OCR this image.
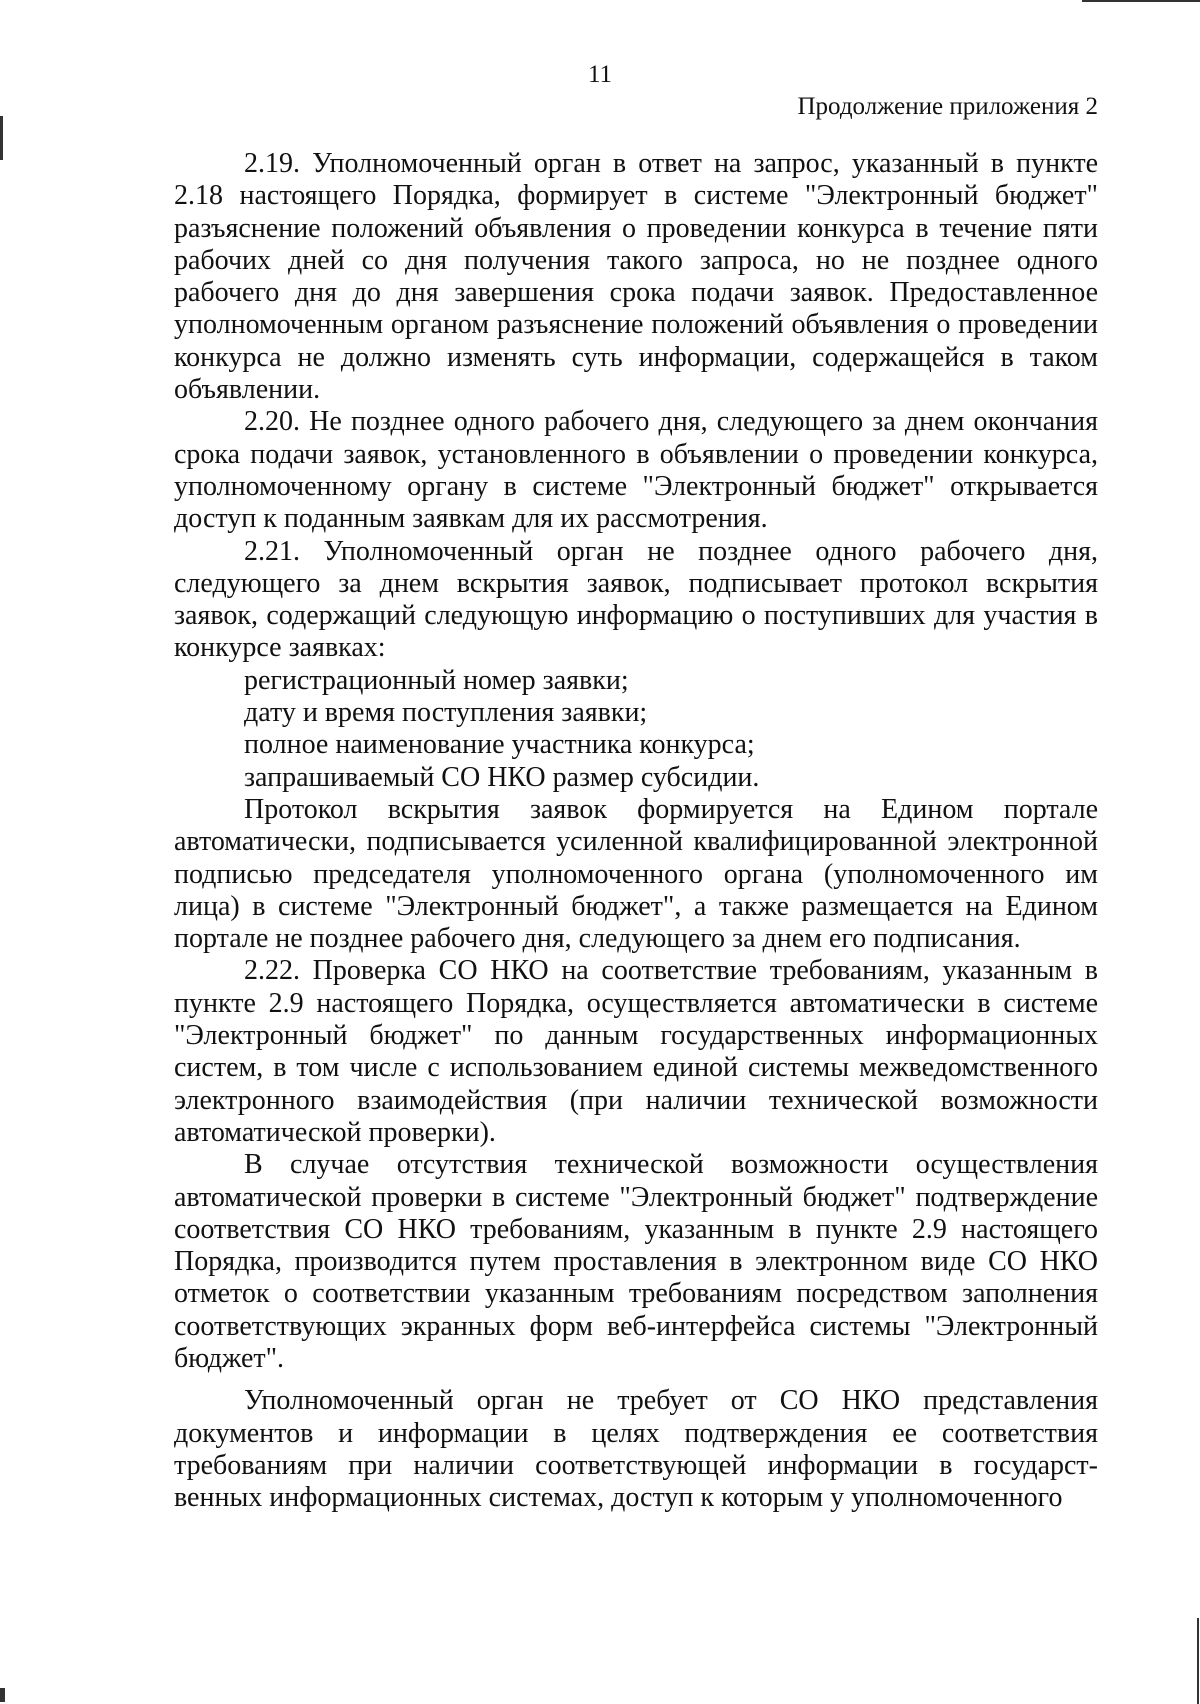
11
Продолжение приложения 2

2.19. Уполномоченный орган в ответ на запрос, указанный в пункте 2.18 настоящего Порядка, формирует в системе "Электронный бюджет" разъяснение положений объявления о проведении конкурса в течение пяти рабочих дней со дня получения такого запроса, но не позднее одного рабочего дня до дня завершения срока подачи заявок. Предоставленное уполномоченным органом разъяснение положений объявления о проведении конкурса не должно изменять суть информации, содержащейся в таком объявлении.

2.20. Не позднее одного рабочего дня, следующего за днем окончания срока подачи заявок, установленного в объявлении о проведении конкурса, уполномоченному органу в системе "Электронный бюджет" открывается доступ к поданным заявкам для их рассмотрения.

2.21. Уполномоченный орган не позднее одного рабочего дня, следующего за днем вскрытия заявок, подписывает протокол вскрытия заявок, содержащий следующую информацию о поступивших для участия в конкурсе заявках:

регистрационный номер заявки;

дату и время поступления заявки;

полное наименование участника конкурса;

запрашиваемый СО НКО размер субсидии.

Протокол вскрытия заявок формируется на Едином портале автоматически, подписывается усиленной квалифицированной электронной подписью председателя уполномоченного органа (уполномоченного им лица) в системе "Электронный бюджет", а также размещается на Едином портале не позднее рабочего дня, следующего за днем его подписания.

2.22. Проверка СО НКО на соответствие требованиям, указанным в пункте 2.9 настоящего Порядка, осуществляется автоматически в системе "Электронный бюджет" по данным государственных информационных систем, в том числе с использованием единой системы межведомственного электронного взаимодействия (при наличии технической возможности автоматической проверки).

В случае отсутствия технической возможности осуществления автоматической проверки в системе "Электронный бюджет" подтверждение соответствия СО НКО требованиям, указанным в пункте 2.9 настоящего Порядка, производится путем проставления в электронном виде СО НКО отметок о соответствии указанным требованиям посредством заполнения соответствующих экранных форм веб-интерфейса системы "Электронный бюджет".

Уполномоченный орган не требует от СО НКО представления документов и информации в целях подтверждения ее соответствия требованиям при наличии соответствующей информации в государст-венных информационных системах, доступ к которым у уполномоченного
